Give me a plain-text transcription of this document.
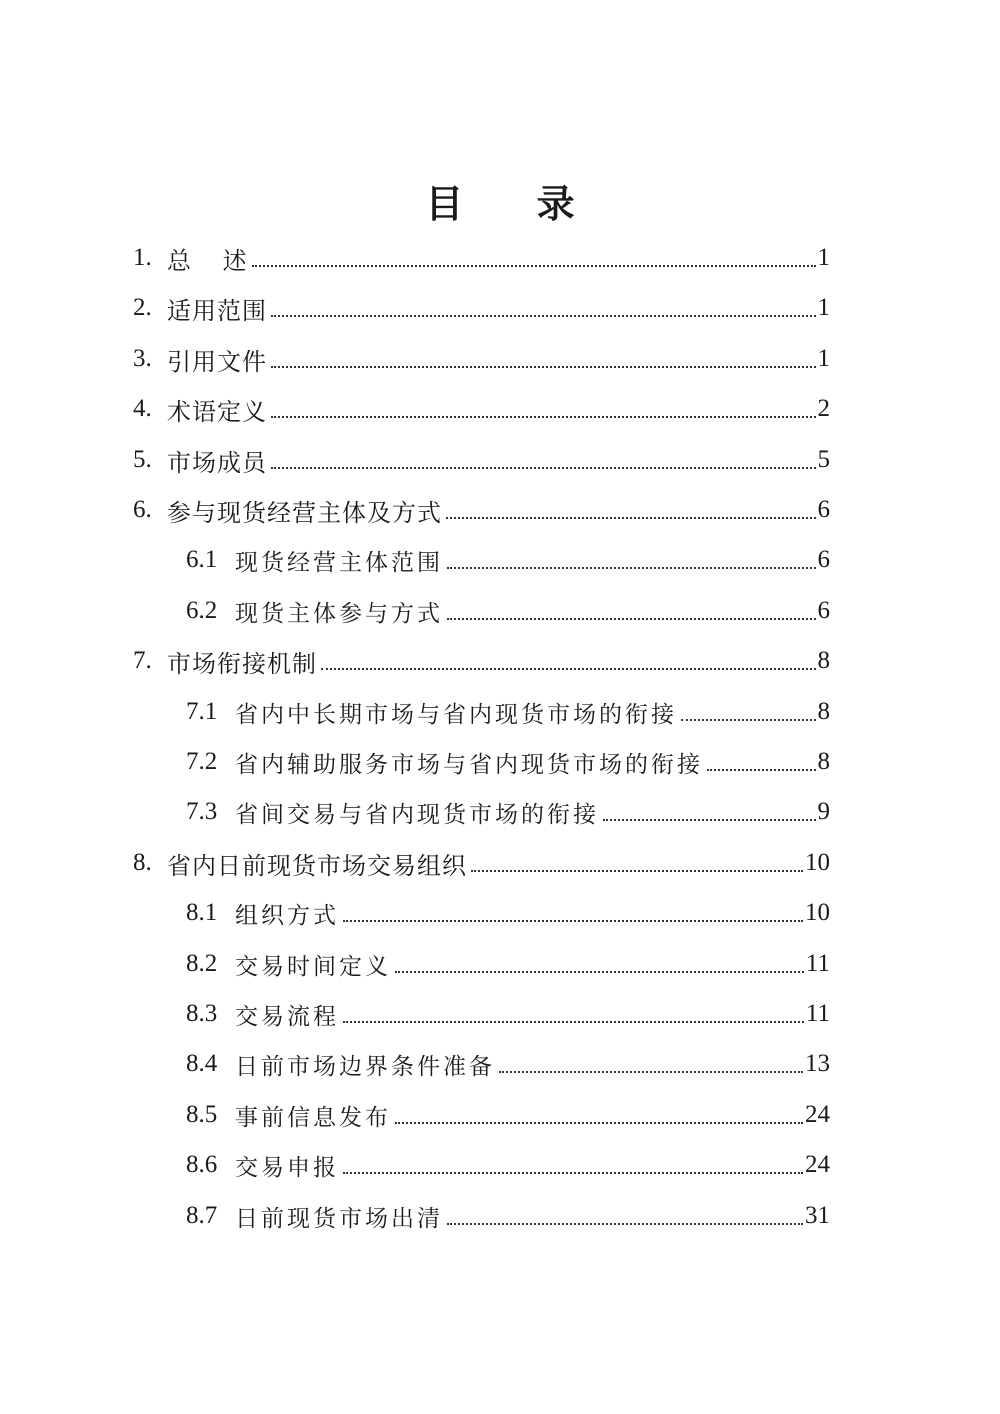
目 录
1. 总 述	1
2. 适用范围	1
3. 引用文件	1
4. 术语定义	2
5. 市场成员	5
6. 参与现货经营主体及方式	6
6.1 现货经营主体范围	6
6.2 现货主体参与方式	6
7. 市场衔接机制	8
7.1 省内中长期市场与省内现货市场的衔接	8
7.2 省内辅助服务市场与省内现货市场的衔接	8
7.3 省间交易与省内现货市场的衔接	9
8. 省内日前现货市场交易组织	10
8.1 组织方式	10
8.2 交易时间定义	11
8.3 交易流程	11
8.4 日前市场边界条件准备	13
8.5 事前信息发布	24
8.6 交易申报	24
8.7 日前现货市场出清	31
